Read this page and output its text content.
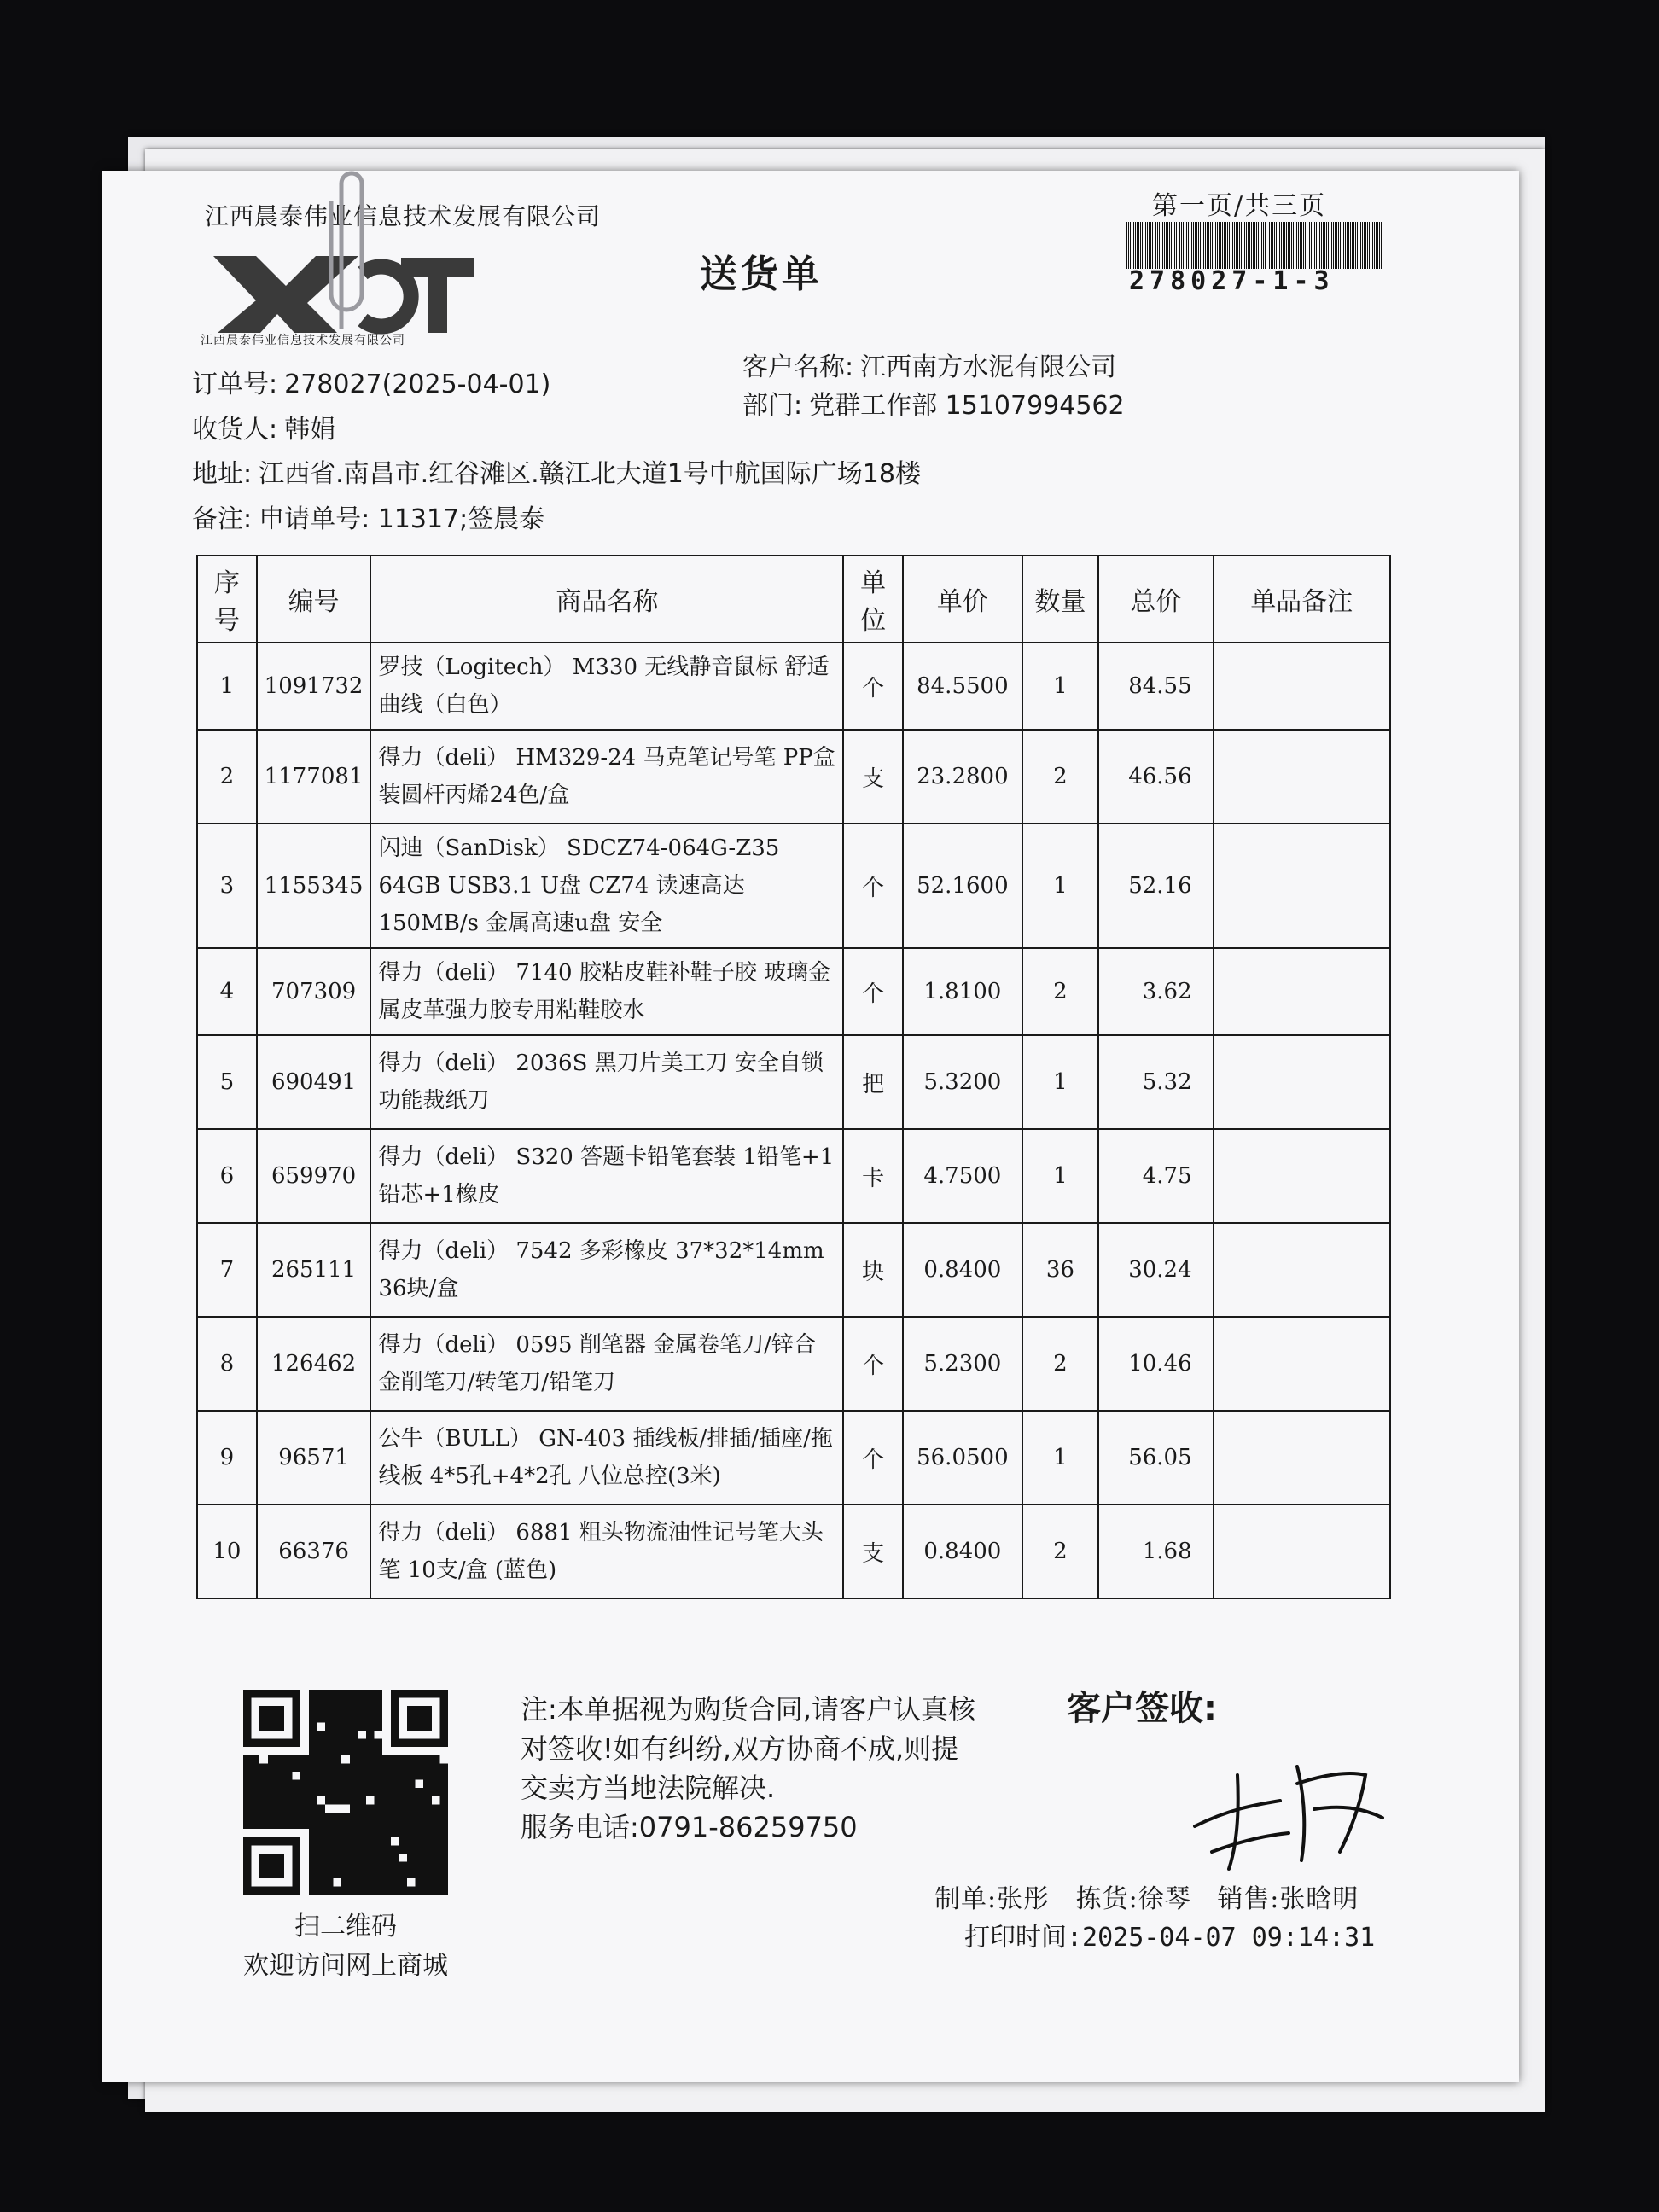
江西晨泰伟业信息技术发展有限公司
江西晨泰伟业信息技术发展有限公司
送货单
第一页/共三页
278027-1-3
订单号: 278027(2025-04-01)
收货人: 韩娟
地址: 江西省.南昌市.红谷滩区.赣江北大道1号中航国际广场18楼
备注: 申请单号: 11317;签晨泰
客户名称: 江西南方水泥有限公司
部门: 党群工作部 15107994562
序号	编号	商品名称	单位	单价	数量	总价	单品备注
1	1091732	罗技（Logitech） M330 无线静音鼠标 舒适曲线（白色）	个	84.5500	1	84.55	
2	1177081	得力（deli） HM329-24 马克笔记号笔 PP盒装圆杆丙烯24色/盒	支	23.2800	2	46.56	
3	1155345	闪迪（SanDisk） SDCZ74-064G-Z35 64GB USB3.1 U盘 CZ74 读速高达150MB/s 金属高速u盘 安全	个	52.1600	1	52.16	
4	707309	得力（deli） 7140 胶粘皮鞋补鞋子胶 玻璃金属皮革强力胶专用粘鞋胶水	个	1.8100	2	3.62	
5	690491	得力（deli） 2036S 黑刀片美工刀 安全自锁功能裁纸刀	把	5.3200	1	5.32	
6	659970	得力（deli） S320 答题卡铅笔套装 1铅笔+1铅芯+1橡皮	卡	4.7500	1	4.75	
7	265111	得力（deli） 7542 多彩橡皮 37*32*14mm 36块/盒	块	0.8400	36	30.24	
8	126462	得力（deli） 0595 削笔器 金属卷笔刀/锌合金削笔刀/转笔刀/铅笔刀	个	5.2300	2	10.46	
9	96571	公牛（BULL） GN-403 插线板/排插/插座/拖线板 4*5孔+4*2孔 八位总控(3米)	个	56.0500	1	56.05	
10	66376	得力（deli） 6881 粗头物流油性记号笔大头笔 10支/盒 (蓝色)	支	0.8400	2	1.68	
扫二维码
欢迎访问网上商城
注:本单据视为购货合同,请客户认真核
对签收!如有纠纷,双方协商不成,则提
交卖方当地法院解决.
服务电话:0791-86259750
客户签收:
制单:张彤 拣货:徐琴 销售:张晗明
打印时间:2025-04-07 09:14:31
